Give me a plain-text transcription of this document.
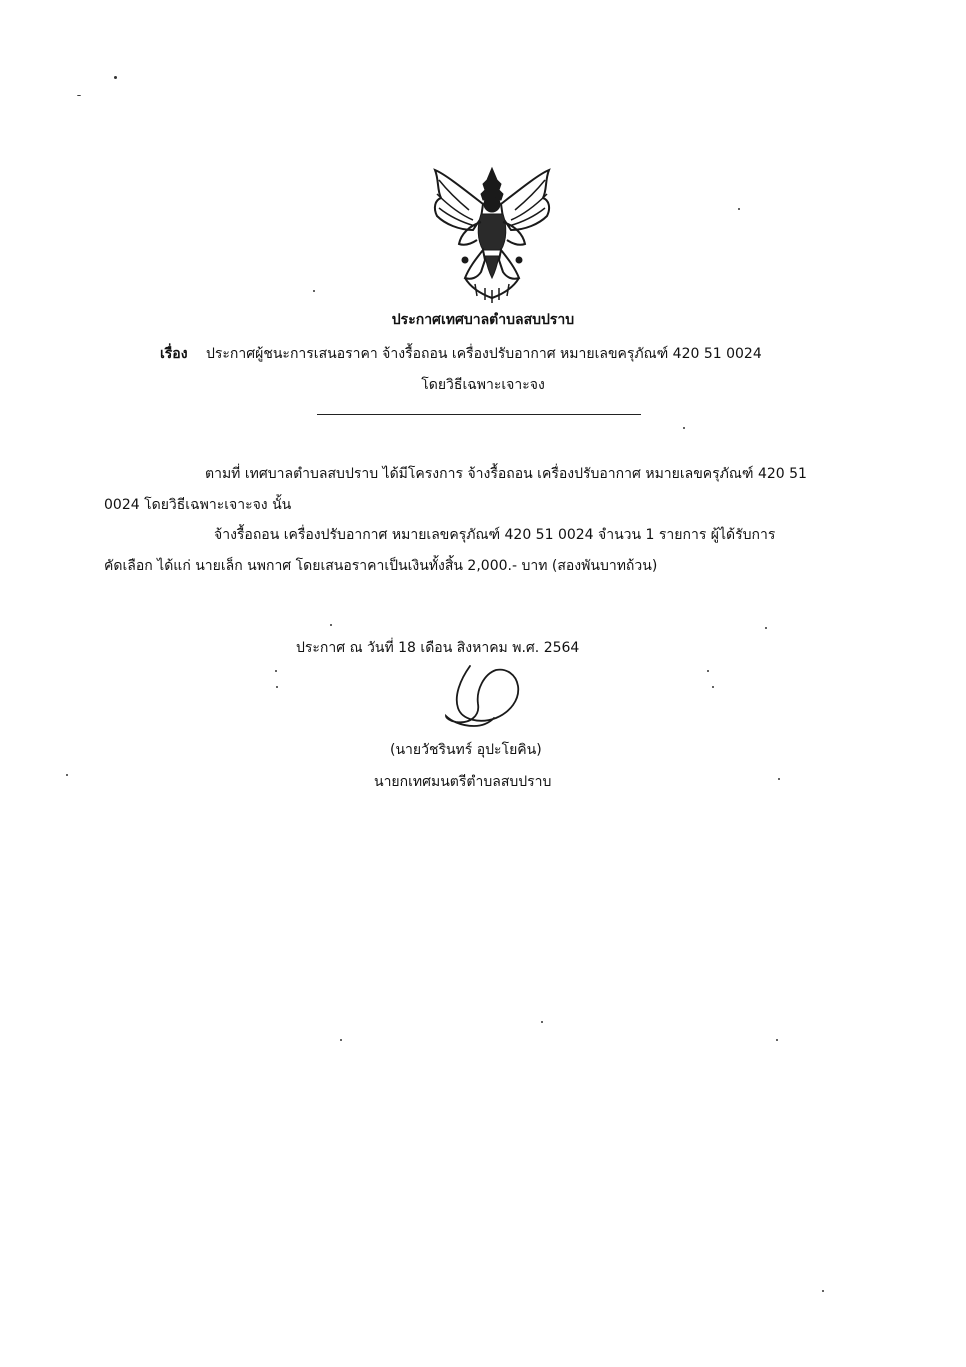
ประกาศเทศบาลตำบลสบปราบ
เรื่อง ประกาศผู้ชนะการเสนอราคา จ้างรื้อถอน เครื่องปรับอากาศ หมายเลขครุภัณฑ์ 420 51 0024
โดยวิธีเฉพาะเจาะจง
ตามที่ เทศบาลตำบลสบปราบ ได้มีโครงการ จ้างรื้อถอน เครื่องปรับอากาศ หมายเลขครุภัณฑ์ 420 51
0024 โดยวิธีเฉพาะเจาะจง นั้น
จ้างรื้อถอน เครื่องปรับอากาศ หมายเลขครุภัณฑ์ 420 51 0024 จำนวน 1 รายการ ผู้ได้รับการ
คัดเลือก ได้แก่ นายเล็ก นพกาศ โดยเสนอราคาเป็นเงินทั้งสิ้น 2,000.- บาท (สองพันบาทถ้วน)
ประกาศ ณ วันที่ 18 เดือน สิงหาคม พ.ศ. 2564
(นายวัชรินทร์ อุปะโยคิน)
นายกเทศมนตรีตำบลสบปราบ
